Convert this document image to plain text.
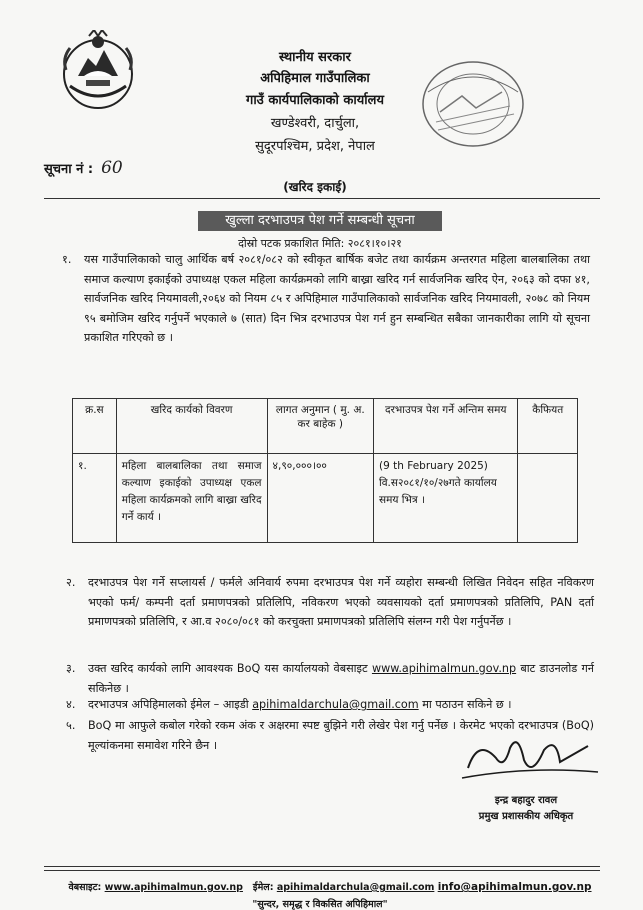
स्थानीय सरकार
अपिहिमाल गाउँपालिका
गाउँ कार्यपालिकाको कार्यालय
खण्डेश्वरी, दार्चुला,
सुदूरपश्चिम, प्रदेश, नेपाल
सूचना नं : 60
(खरिद इकाई)
खुल्ला दरभाउपत्र पेश गर्ने सम्बन्धी सूचना
दोस्रो पटक प्रकाशित मिति: २०८१।१०।२१
१.	यस गाउँपालिकाको चालु आर्थिक बर्ष २०८१/०८२ को स्वीकृत बार्षिक बजेट तथा कार्यक्रम अन्तरगत महिला बालबालिका तथा समाज कल्याण इकाईको उपाध्यक्ष एकल महिला कार्यक्रमको लागि बाख्रा खरिद गर्न सार्वजनिक खरिद ऐन, २०६३ को दफा ४१, सार्वजनिक खरिद नियमावली,२०६४ को नियम ८५ र अपिहिमाल गाउँपालिकाको सार्वजनिक खरिद नियमावली, २०७८ को नियम ९५ बमोजिम खरिद गर्नुपर्ने भएकाले ७ (सात) दिन भित्र दरभाउपत्र पेश गर्न हुन सम्बन्धित सबैका जानकारीका लागि यो सूचना प्रकाशित गरिएको छ ।
क्र.स	खरिद कार्यको विवरण	लागत अनुमान ( मु. अ. कर बाहेक )	दरभाउपत्र पेश गर्ने अन्तिम समय	कैफियत
१.	महिला बालबालिका तथा समाज कल्याण इकाईको उपाध्यक्ष एकल महिला कार्यक्रमको लागि बाख्रा खरिद गर्ने कार्य ।	४,९०,०००।००	(9 th February 2025) वि.स२०८१/१०/२७गते कार्यालय समय भित्र ।	
२.	दरभाउपत्र पेश गर्ने सप्लायर्स / फर्मले अनिवार्य रुपमा दरभाउपत्र पेश गर्ने व्यहोरा सम्बन्धी लिखित निवेदन सहित नविकरण भएको फर्म/ कम्पनी दर्ता प्रमाणपत्रको प्रतिलिपि, नविकरण भएको व्यवसायको दर्ता प्रमाणपत्रको प्रतिलिपि, PAN दर्ता प्रमाणपत्रको प्रतिलिपि, र आ.व २०८०/०८१ को करचुक्ता प्रमाणपत्रको प्रतिलिपि संलग्न गरी पेश गर्नुपर्नेछ ।
३.	उक्त खरिद कार्यको लागि आवश्यक BoQ यस कार्यालयको वेबसाइट www.apihimalmun.gov.np बाट डाउनलोड गर्न सकिनेछ ।
४.	दरभाउपत्र अपिहिमालको ईमेल – आइडी apihimaldarchula@gmail.com मा पठाउन सकिने छ ।
५.	BoQ मा आफुले कबोल गरेको रकम अंक र अक्षरमा स्पष्ट बुझिने गरी लेखेर पेश गर्नु पर्नेछ । केरमेट भएको दरभाउपत्र (BoQ) मूल्यांकनमा समावेश गरिने छैन ।
इन्द्र बहादुर रावल
प्रमुख प्रशासकीय अधिकृत
वेबसाइट: www.apihimalmun.gov.np ईमेल: apihimaldarchula@gmail.com info@apihimalmun.gov.np
"सुन्दर, समृद्ध र विकसित अपिहिमाल"
